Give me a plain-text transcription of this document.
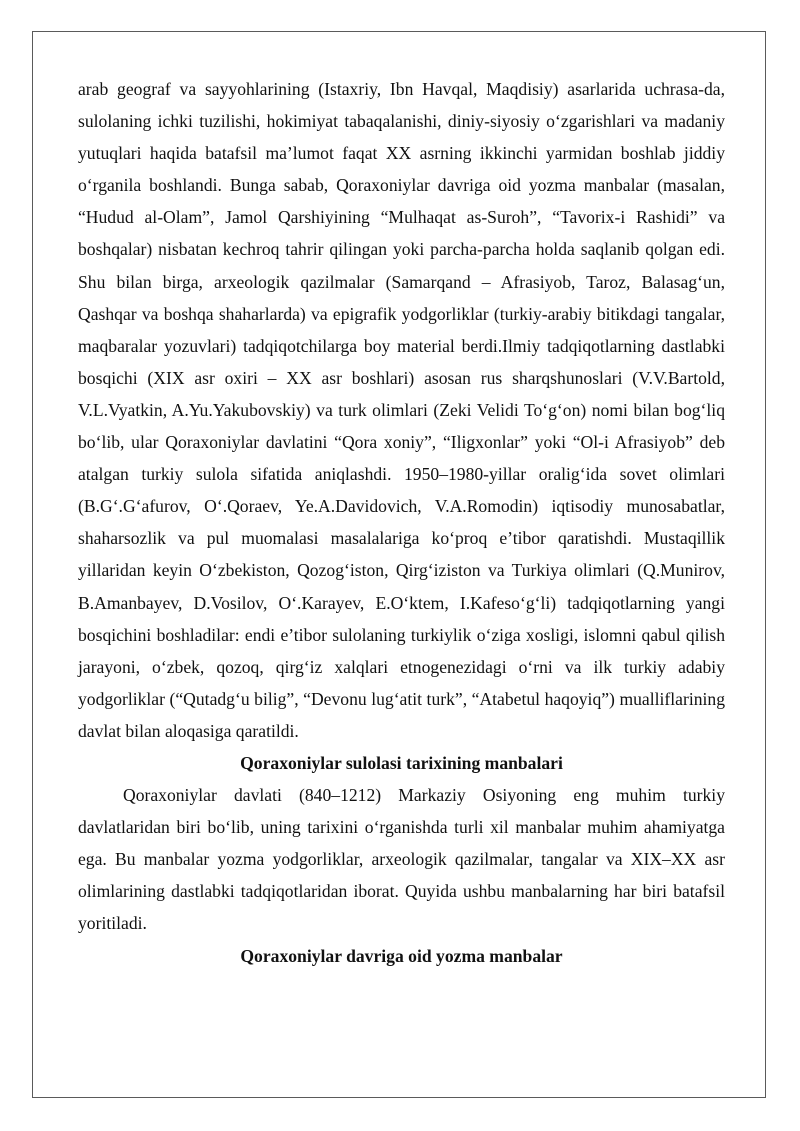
arab geograf va sayyohlarining (Istaxriy, Ibn Havqal, Maqdisiy) asarlarida uchrasa-da, sulolaning ichki tuzilishi, hokimiyat tabaqalanishi, diniy-siyosiy o‘zgarishlari va madaniy yutuqlari haqida batafsil ma’lumot faqat XX asrning ikkinchi yarmidan boshlab jiddiy o‘rganila boshlandi. Bunga sabab, Qoraxoniylar davriga oid yozma manbalar (masalan, “Hudud al-Olam”, Jamol Qarshiyining “Mulhaqat as-Suroh”, “Tavorix-i Rashidi” va boshqalar) nisbatan kechroq tahrir qilingan yoki parcha-parcha holda saqlanib qolgan edi. Shu bilan birga, arxeologik qazilmalar (Samarqand – Afrasiyob, Taroz, Balasag‘un, Qashqar va boshqa shaharlarda) va epigrafik yodgorliklar (turkiy-arabiy bitikdagi tangalar, maqbaralar yozuvlari) tadqiqotchilarga boy material berdi.Ilmiy tadqiqotlarning dastlabki bosqichi (XIX asr oxiri – XX asr boshlari) asosan rus sharqshunoslari (V.V.Bartold, V.L.Vyatkin, A.Yu.Yakubovskiy) va turk olimlari (Zeki Velidi To‘g‘on) nomi bilan bog‘liq bo‘lib, ular Qoraxoniylar davlatini “Qora xoniy”, “Iligxonlar” yoki “Ol-i Afrasiyob” deb atalgan turkiy sulola sifatida aniqlashdi. 1950–1980-yillar oralig‘ida sovet olimlari (B.G‘.G‘afurov, O‘.Qoraev, Ye.A.Davidovich, V.A.Romodin) iqtisodiy munosabatlar, shaharsozlik va pul muomalasi masalalariga ko‘proq e’tibor qaratishdi. Mustaqillik yillaridan keyin O‘zbekiston, Qozog‘iston, Qirg‘iziston va Turkiya olimlari (Q.Munirov, B.Amanbayev, D.Vosilov, O‘.Karayev, E.O‘ktem, I.Kafeso‘g‘li) tadqiqotlarning yangi bosqichini boshladilar: endi e’tibor sulolaning turkiylik o‘ziga xosligi, islomni qabul qilish jarayoni, o‘zbek, qozoq, qirg‘iz xalqlari etnogenezidagi o‘rni va ilk turkiy adabiy yodgorliklar (“Qutadg‘u bilig”, “Devonu lug‘atit turk”, “Atabetul haqoyiq”) mualliflarining davlat bilan aloqasiga qaratildi.

Qoraxoniylar sulolasi tarixining manbalari

Qoraxoniylar davlati (840–1212) Markaziy Osiyoning eng muhim turkiy davlatlaridan biri bo‘lib, uning tarixini o‘rganishda turli xil manbalar muhim ahamiyatga ega. Bu manbalar yozma yodgorliklar, arxeologik qazilmalar, tangalar va XIX–XX asr olimlarining dastlabki tadqiqotlaridan iborat. Quyida ushbu manbalarning har biri batafsil yoritiladi.

Qoraxoniylar davriga oid yozma manbalar
